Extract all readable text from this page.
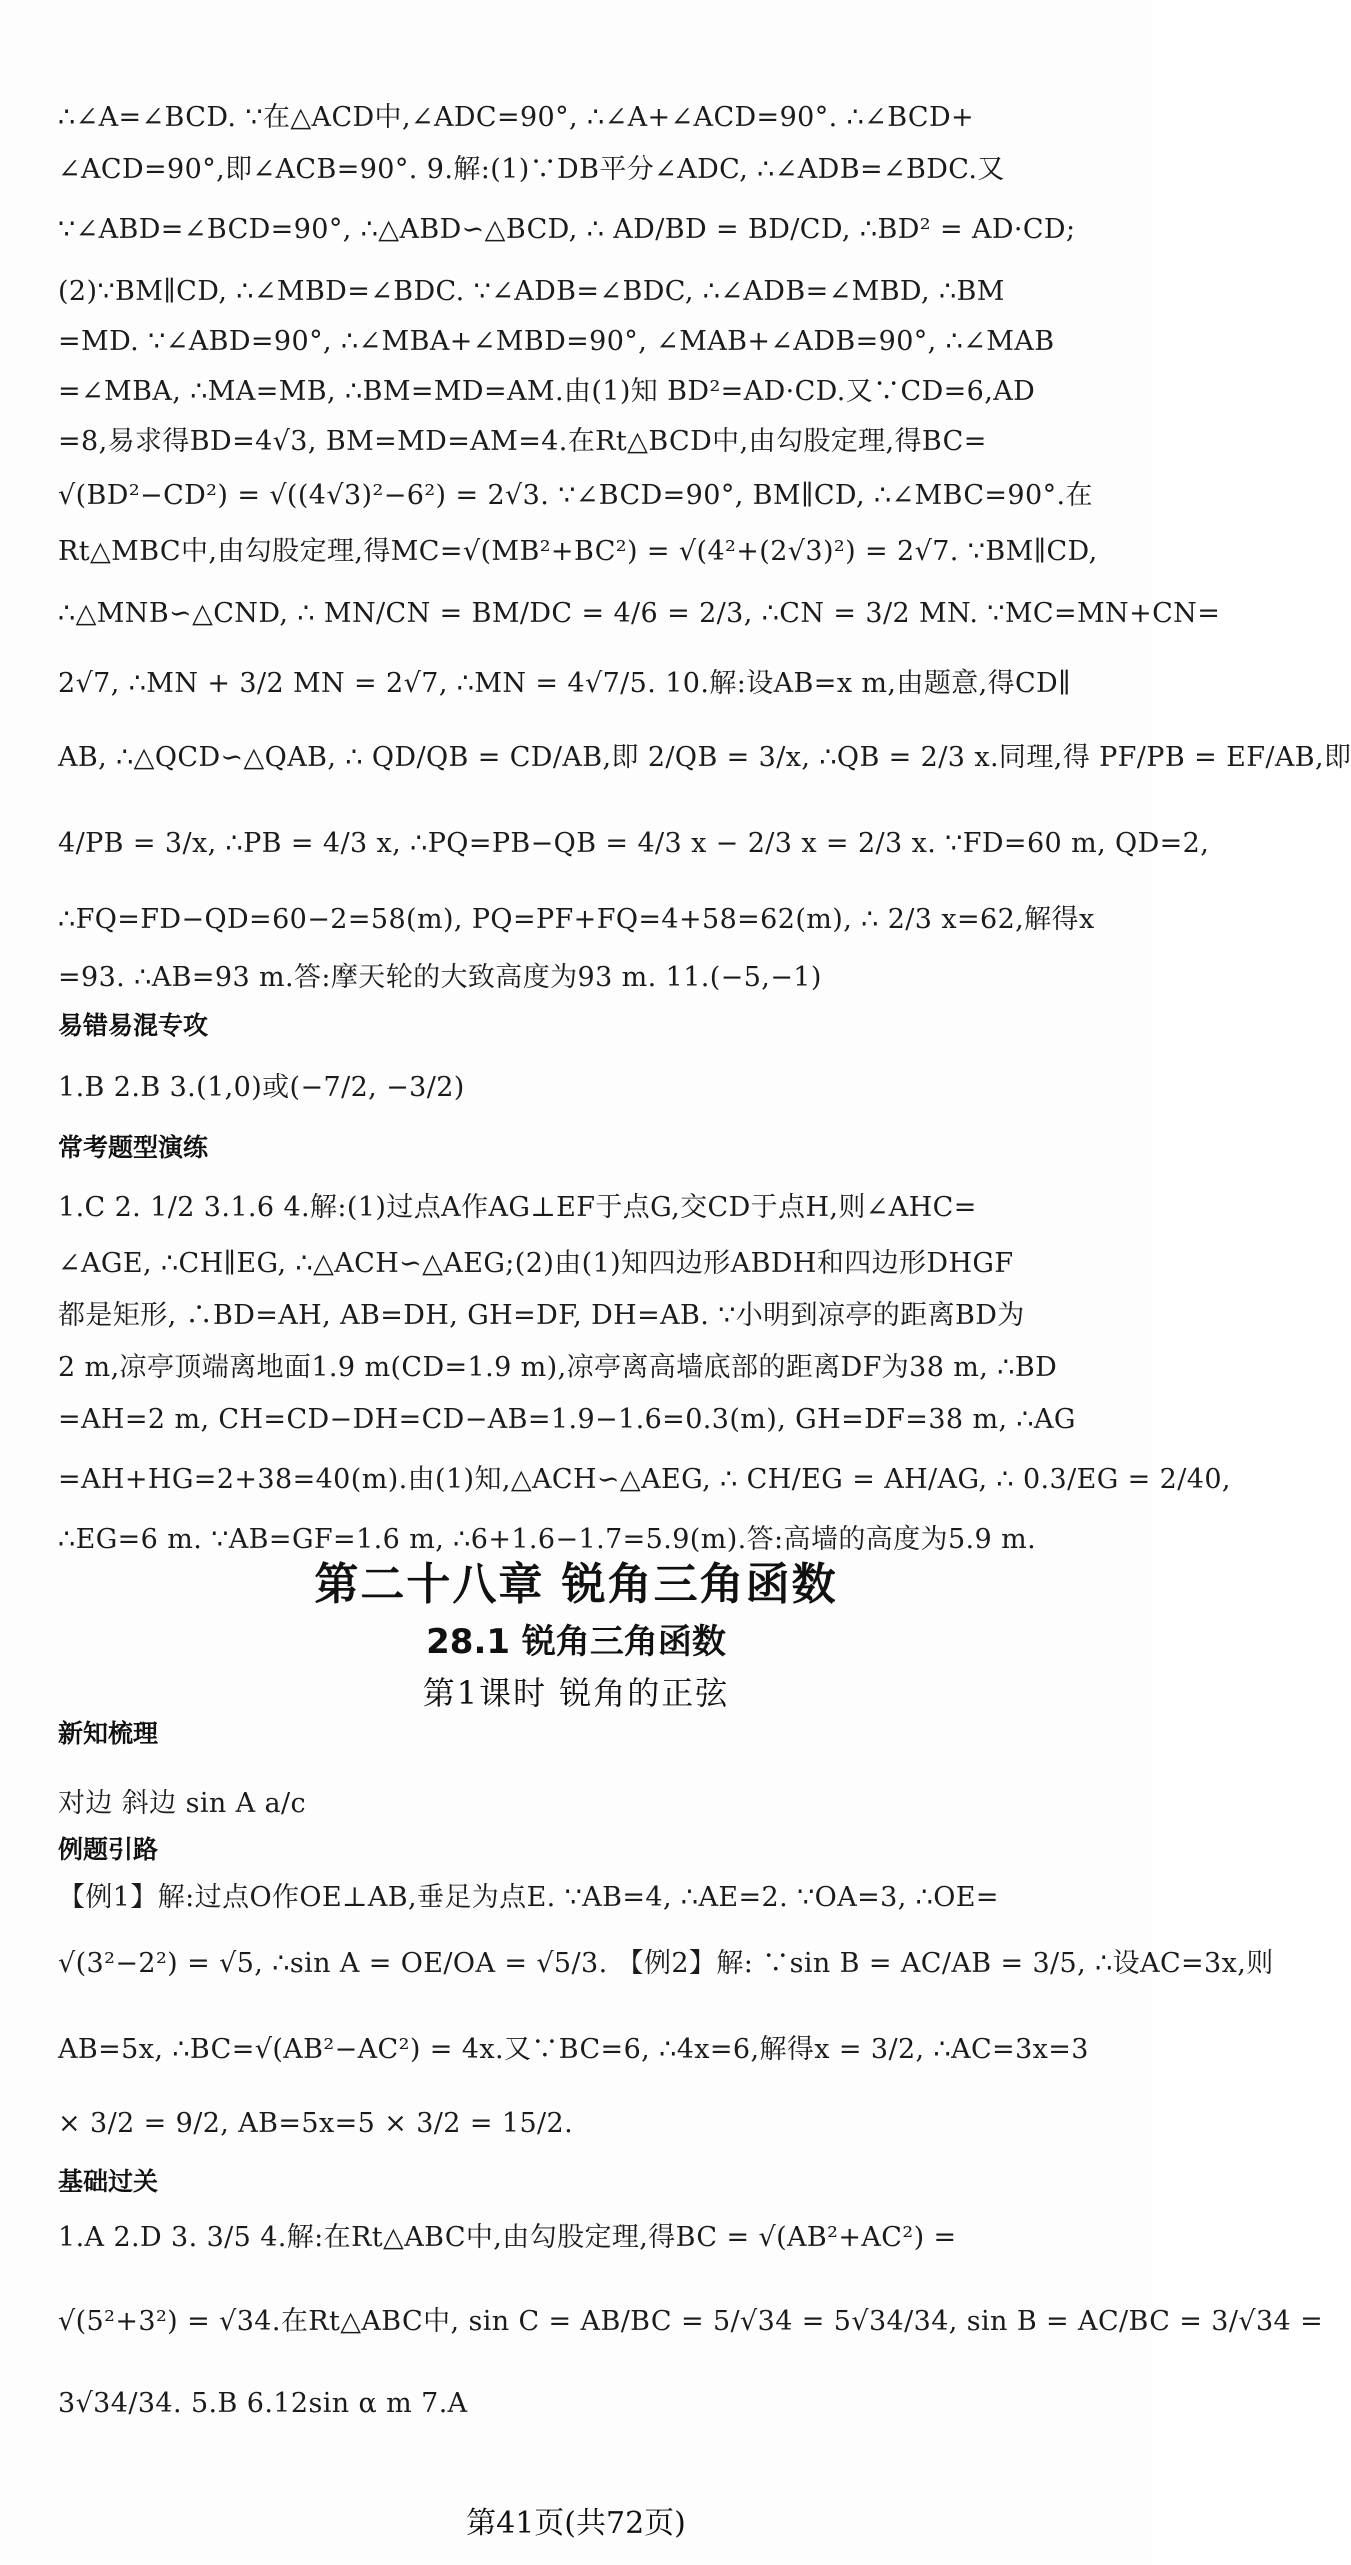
∴∠A=∠BCD. ∵在△ACD中,∠ADC=90°, ∴∠A+∠ACD=90°. ∴∠BCD+
∠ACD=90°,即∠ACB=90°. 9.解:(1)∵DB平分∠ADC, ∴∠ADB=∠BDC.又
∵∠ABD=∠BCD=90°, ∴△ABD∽△BCD, ∴ AD/BD = BD/CD, ∴BD² = AD·CD;
(2)∵BM∥CD, ∴∠MBD=∠BDC. ∵∠ADB=∠BDC, ∴∠ADB=∠MBD, ∴BM
=MD. ∵∠ABD=90°, ∴∠MBA+∠MBD=90°, ∠MAB+∠ADB=90°, ∴∠MAB
=∠MBA, ∴MA=MB, ∴BM=MD=AM.由(1)知 BD²=AD·CD.又∵CD=6,AD
=8,易求得BD=4√3, BM=MD=AM=4.在Rt△BCD中,由勾股定理,得BC=
√(BD²−CD²) = √((4√3)²−6²) = 2√3. ∵∠BCD=90°, BM∥CD, ∴∠MBC=90°.在
Rt△MBC中,由勾股定理,得MC=√(MB²+BC²) = √(4²+(2√3)²) = 2√7. ∵BM∥CD,
∴△MNB∽△CND, ∴ MN/CN = BM/DC = 4/6 = 2/3, ∴CN = 3/2 MN. ∵MC=MN+CN=
2√7, ∴MN + 3/2 MN = 2√7, ∴MN = 4√7/5. 10.解:设AB=x m,由题意,得CD∥
AB, ∴△QCD∽△QAB, ∴ QD/QB = CD/AB,即 2/QB = 3/x, ∴QB = 2/3 x.同理,得 PF/PB = EF/AB,即
4/PB = 3/x, ∴PB = 4/3 x, ∴PQ=PB−QB = 4/3 x − 2/3 x = 2/3 x. ∵FD=60 m, QD=2,
∴FQ=FD−QD=60−2=58(m), PQ=PF+FQ=4+58=62(m), ∴ 2/3 x=62,解得x
=93. ∴AB=93 m.答:摩天轮的大致高度为93 m. 11.(−5,−1)
易错易混专攻
1.B 2.B 3.(1,0)或(−7/2, −3/2)
常考题型演练
1.C 2. 1/2 3.1.6 4.解:(1)过点A作AG⊥EF于点G,交CD于点H,则∠AHC=
∠AGE, ∴CH∥EG, ∴△ACH∽△AEG;(2)由(1)知四边形ABDH和四边形DHGF
都是矩形, ∴BD=AH, AB=DH, GH=DF, DH=AB. ∵小明到凉亭的距离BD为
2 m,凉亭顶端离地面1.9 m(CD=1.9 m),凉亭离高墙底部的距离DF为38 m, ∴BD
=AH=2 m, CH=CD−DH=CD−AB=1.9−1.6=0.3(m), GH=DF=38 m, ∴AG
=AH+HG=2+38=40(m).由(1)知,△ACH∽△AEG, ∴ CH/EG = AH/AG, ∴ 0.3/EG = 2/40,
∴EG=6 m. ∵AB=GF=1.6 m, ∴6+1.6−1.7=5.9(m).答:高墙的高度为5.9 m.
第二十八章 锐角三角函数
28.1 锐角三角函数
第1课时 锐角的正弦
新知梳理
对边 斜边 sin A a/c
例题引路
【例1】解:过点O作OE⊥AB,垂足为点E. ∵AB=4, ∴AE=2. ∵OA=3, ∴OE=
√(3²−2²) = √5, ∴sin A = OE/OA = √5/3. 【例2】解: ∵sin B = AC/AB = 3/5, ∴设AC=3x,则
AB=5x, ∴BC=√(AB²−AC²) = 4x.又∵BC=6, ∴4x=6,解得x = 3/2, ∴AC=3x=3
× 3/2 = 9/2, AB=5x=5 × 3/2 = 15/2.
基础过关
1.A 2.D 3. 3/5 4.解:在Rt△ABC中,由勾股定理,得BC = √(AB²+AC²) =
√(5²+3²) = √34.在Rt△ABC中, sin C = AB/BC = 5/√34 = 5√34/34, sin B = AC/BC = 3/√34 =
3√34/34. 5.B 6.12sin α m 7.A
第41页(共72页)
